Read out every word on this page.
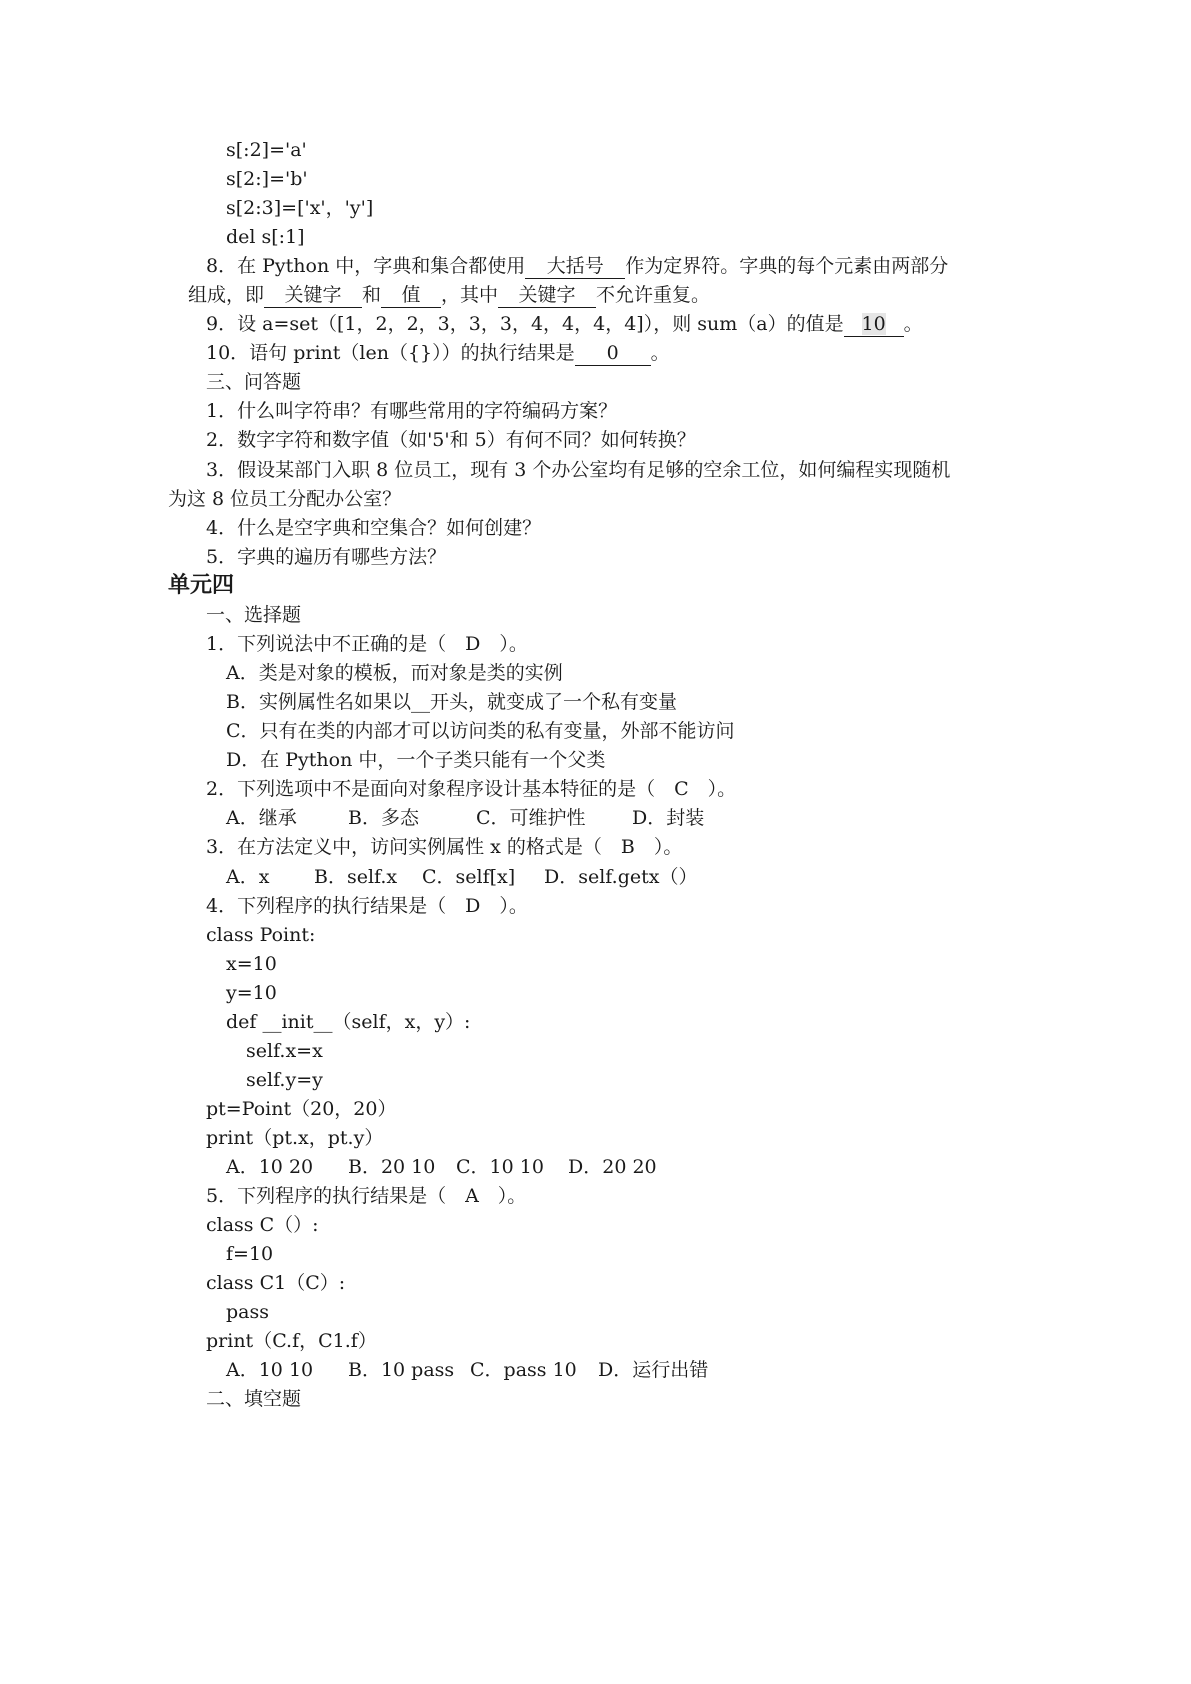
s[:2]='a'
s[2:]='b'
s[2:3]=['x'，'y']
del s[:1]
8．在 Python 中，字典和集合都使用 大括号 作为定界符。字典的每个元素由两部分
组成，即 关键字 和 值 ，其中 关键字 不允许重复。
9．设 a=set（[1，2，2，3，3，3，4，4，4，4]），则 sum（a）的值是 10 。
10．语句 print（len（{}））的执行结果是 0 。
三、问答题
1．什么叫字符串？有哪些常用的字符编码方案？
2．数字字符和数字值（如'5'和 5）有何不同？如何转换？
3．假设某部门入职 8 位员工，现有 3 个办公室均有足够的空余工位，如何编程实现随机
为这 8 位员工分配办公室？
4．什么是空字典和空集合？如何创建？
5．字典的遍历有哪些方法？
单元四
一、选择题
1．下列说法中不正确的是（　D　）。
A．类是对象的模板，而对象是类的实例
B．实例属性名如果以__开头，就变成了一个私有变量
C．只有在类的内部才可以访问类的私有变量，外部不能访问
D．在 Python 中，一个子类只能有一个父类
2．下列选项中不是面向对象程序设计基本特征的是（　C　）。
A．继承	B．多态	C．可维护性 D．封装
3．在方法定义中，访问实例属性 x 的格式是（　B　）。
A．x B．self.x C．self[x] D．self.getx（）
4．下列程序的执行结果是（　D　）。
class Point:
x=10
y=10
def __init__（self，x，y）:
self.x=x
self.y=y
pt=Point（20，20）
print（pt.x，pt.y）
A．10 20 B．20 10 C．10 10 D．20 20
5．下列程序的执行结果是（　A　）。
class C（）:
f=10
class C1（C）:
pass
print（C.f，C1.f）
A．10 10 B．10 pass C．pass 10 D．运行出错
二、填空题
